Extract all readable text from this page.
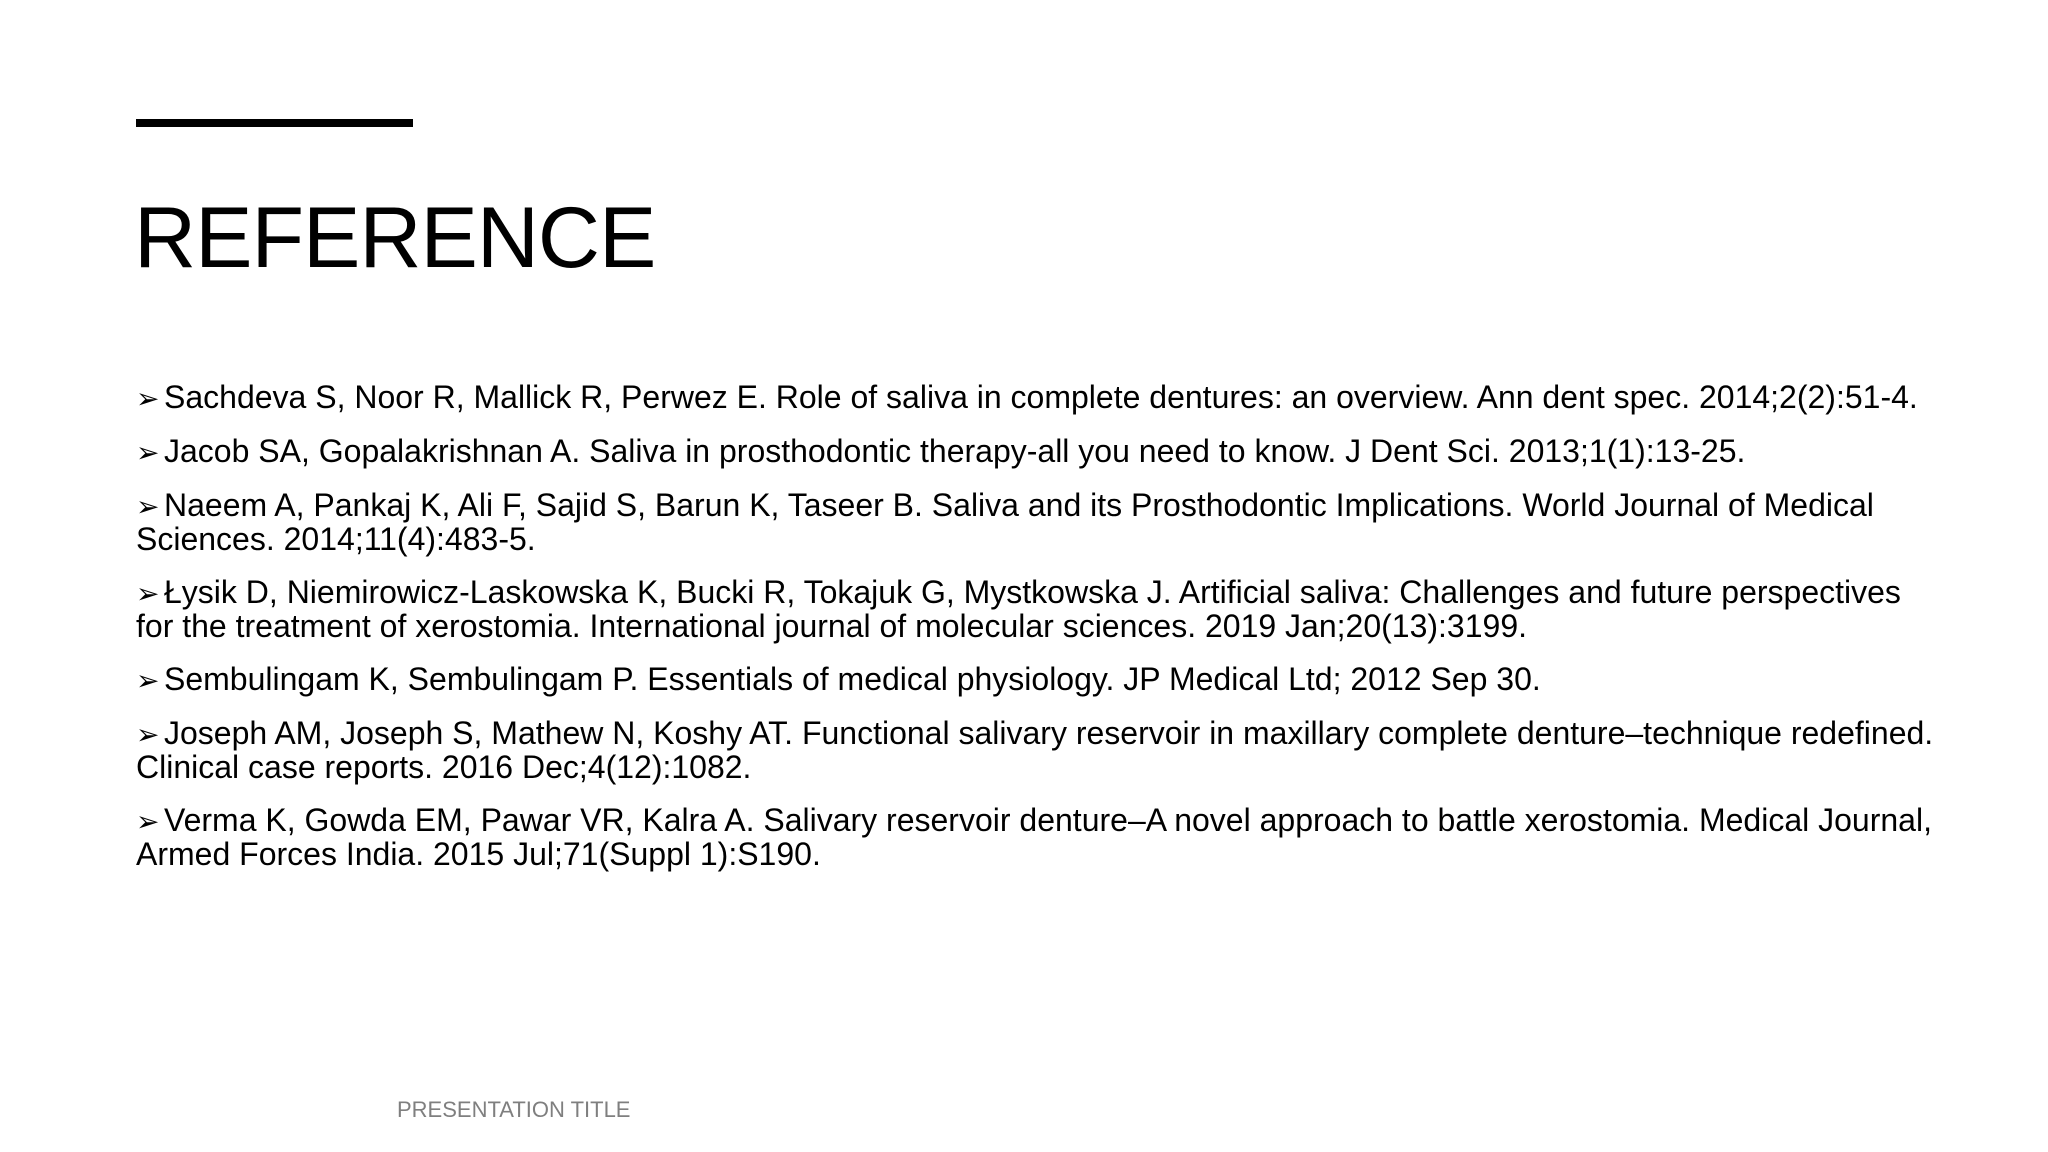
REFERENCE
➢ Sachdeva S, Noor R, Mallick R, Perwez E. Role of saliva in complete dentures: an overview. Ann dent spec. 2014;2(2):51-4.
➢ Jacob SA, Gopalakrishnan A. Saliva in prosthodontic therapy-all you need to know. J Dent Sci. 2013;1(1):13-25.
➢ Naeem A, Pankaj K, Ali F, Sajid S, Barun K, Taseer B. Saliva and its Prosthodontic Implications. World Journal of Medical Sciences. 2014;11(4):483-5.
➢ Łysik D, Niemirowicz-Laskowska K, Bucki R, Tokajuk G, Mystkowska J. Artificial saliva: Challenges and future perspectives for the treatment of xerostomia. International journal of molecular sciences. 2019 Jan;20(13):3199.
➢ Sembulingam K, Sembulingam P. Essentials of medical physiology. JP Medical Ltd; 2012 Sep 30.
➢ Joseph AM, Joseph S, Mathew N, Koshy AT. Functional salivary reservoir in maxillary complete denture–technique redefined. Clinical case reports. 2016 Dec;4(12):1082.
➢ Verma K, Gowda EM, Pawar VR, Kalra A. Salivary reservoir denture–A novel approach to battle xerostomia. Medical Journal, Armed Forces India. 2015 Jul;71(Suppl 1):S190.
PRESENTATION TITLE
